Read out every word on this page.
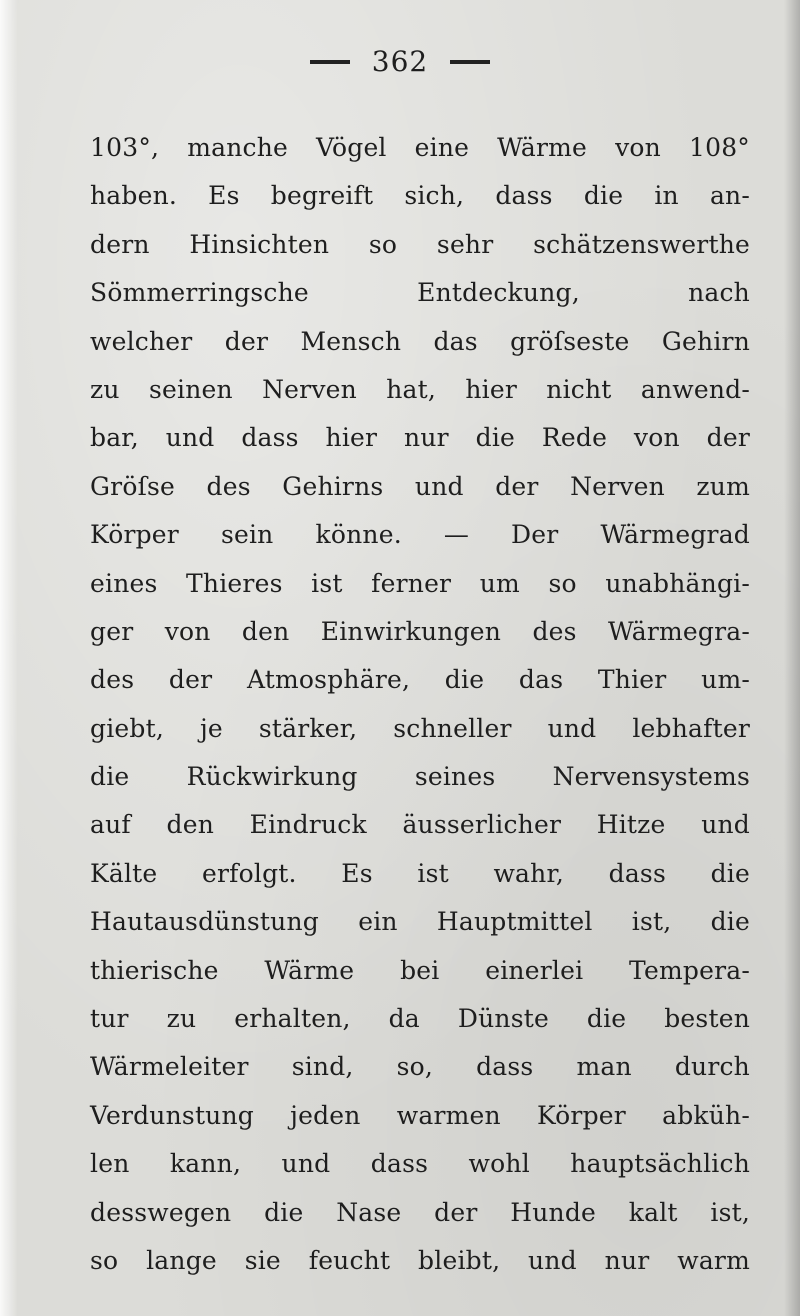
362
103°, manche Vögel eine Wärme von 108°
haben. Es begreift sich, dass die in an-
dern Hinsichten so sehr schätzenswerthe
Sömmerringsche Entdeckung, nach
welcher der Mensch das gröſseste Gehirn
zu seinen Nerven hat, hier nicht anwend-
bar, und dass hier nur die Rede von der
Gröſse des Gehirns und der Nerven zum
Körper sein könne. — Der Wärmegrad
eines Thieres ist ferner um so unabhängi-
ger von den Einwirkungen des Wärmegra-
des der Atmosphäre, die das Thier um-
giebt, je stärker, schneller und lebhafter
die Rückwirkung seines Nervensystems
auf den Eindruck äusserlicher Hitze und
Kälte erfolgt. Es ist wahr, dass die
Hautausdünstung ein Hauptmittel ist, die
thierische Wärme bei einerlei Tempera-
tur zu erhalten, da Dünste die besten
Wärmeleiter sind, so, dass man durch
Verdunstung jeden warmen Körper abküh-
len kann, und dass wohl hauptsächlich
desswegen die Nase der Hunde kalt ist,
so lange sie feucht bleibt, und nur warm
